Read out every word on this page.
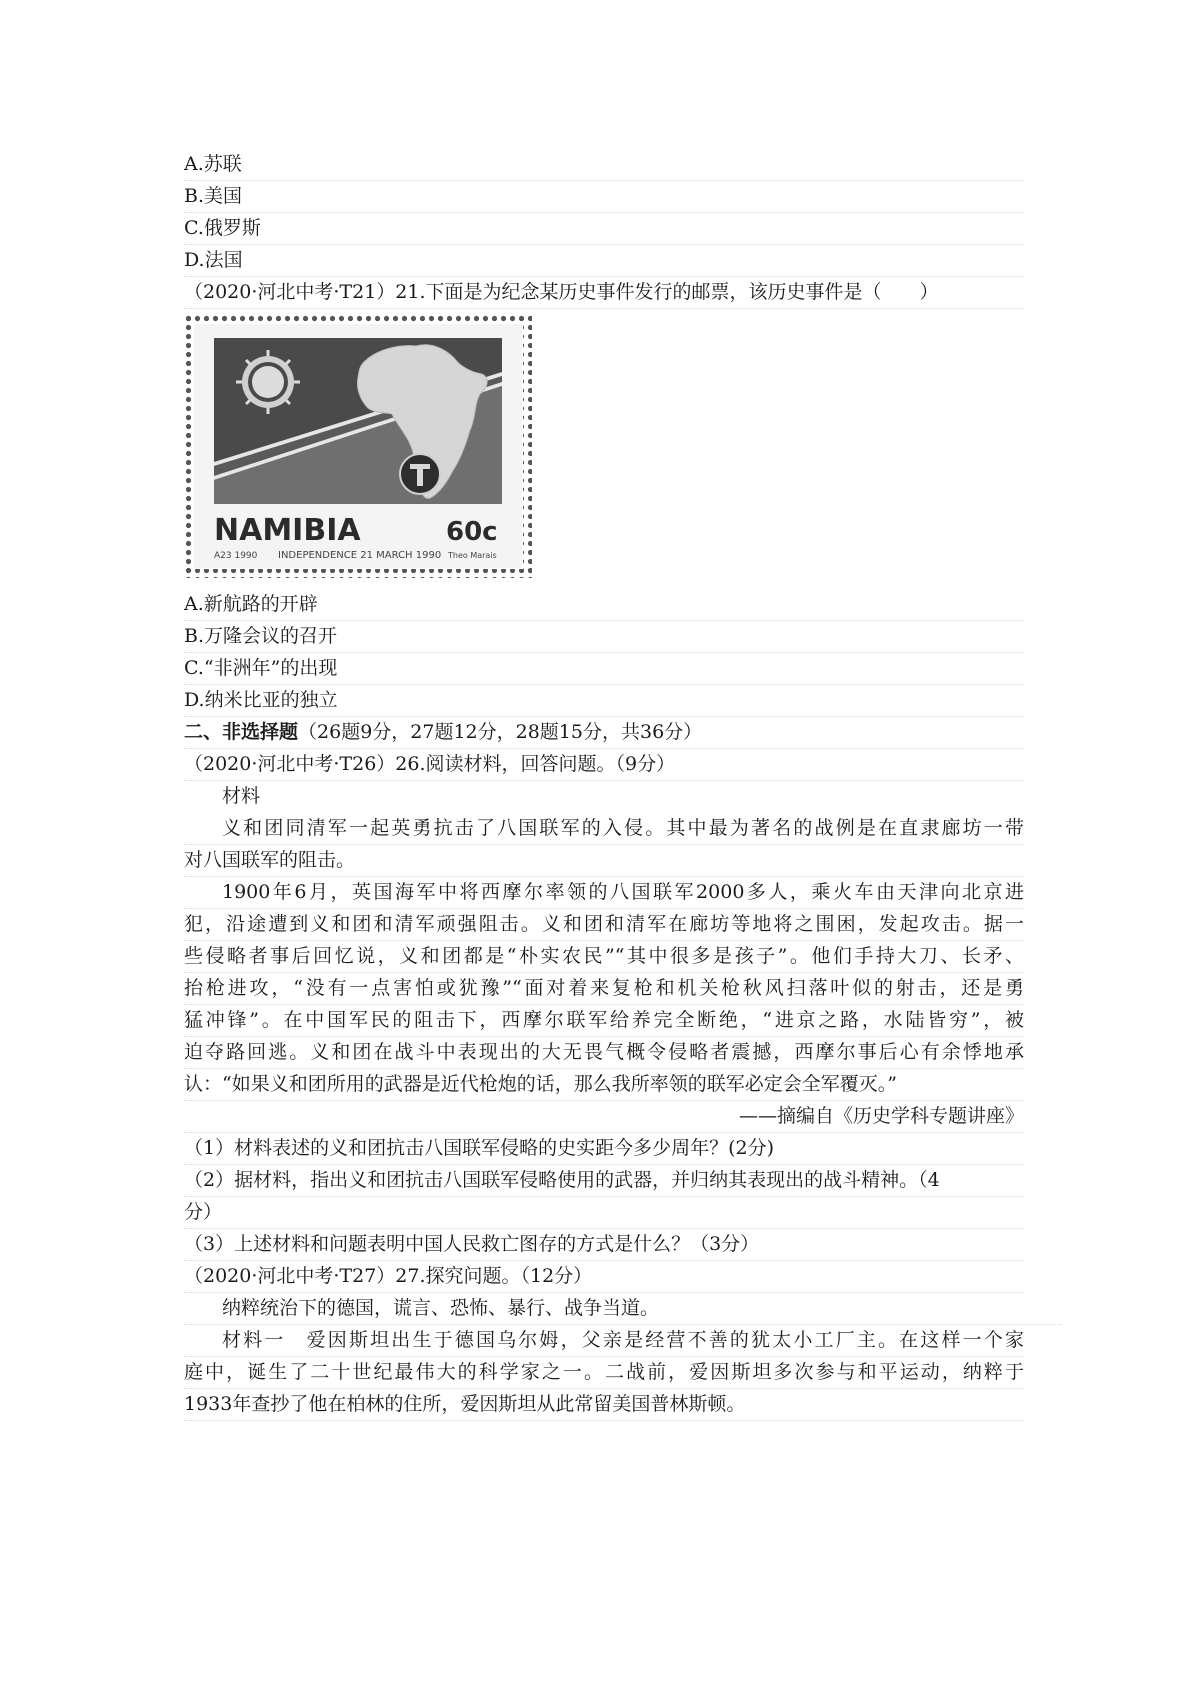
A.苏联
B.美国
C.俄罗斯
D.法国
（2020·河北中考·T21）21.下面是为纪念某历史事件发行的邮票，该历史事件是（　　）
NAMIBIA	60c
A23 1990 INDEPENDENCE 21 MARCH 1990 Theo Marais
A.新航路的开辟
B.万隆会议的召开
C.“非洲年”的出现
D.纳米比亚的独立
二、非选择题（26题9分，27题12分，28题15分，共36分）
（2020·河北中考·T26）26.阅读材料，回答问题。（9分）
材料
义和团同清军一起英勇抗击了八国联军的入侵。其中最为著名的战例是在直隶廊坊一带
对八国联军的阻击。
1900年6月，英国海军中将西摩尔率领的八国联军2000多人，乘火车由天津向北京进
犯，沿途遭到义和团和清军顽强阻击。义和团和清军在廊坊等地将之围困，发起攻击。据一
些侵略者事后回忆说，义和团都是“朴实农民”“其中很多是孩子”。他们手持大刀、长矛、
抬枪进攻，“没有一点害怕或犹豫”“面对着来复枪和机关枪秋风扫落叶似的射击，还是勇
猛冲锋”。在中国军民的阻击下，西摩尔联军给养完全断绝，“进京之路，水陆皆穷”，被
迫夺路回逃。义和团在战斗中表现出的大无畏气概令侵略者震撼，西摩尔事后心有余悸地承
认：“如果义和团所用的武器是近代枪炮的话，那么我所率领的联军必定会全军覆灭。”
——摘编自《历史学科专题讲座》
（1）材料表述的义和团抗击八国联军侵略的史实距今多少周年？(2分)
（2）据材料，指出义和团抗击八国联军侵略使用的武器，并归纳其表现出的战斗精神。（4
分）
（3）上述材料和问题表明中国人民救亡图存的方式是什么？（3分）
（2020·河北中考·T27）27.探究问题。（12分）
纳粹统治下的德国，谎言、恐怖、暴行、战争当道。
材料一　爱因斯坦出生于德国乌尔姆，父亲是经营不善的犹太小工厂主。在这样一个家
庭中，诞生了二十世纪最伟大的科学家之一。二战前，爱因斯坦多次参与和平运动，纳粹于
1933年查抄了他在柏林的住所，爱因斯坦从此常留美国普林斯顿。
